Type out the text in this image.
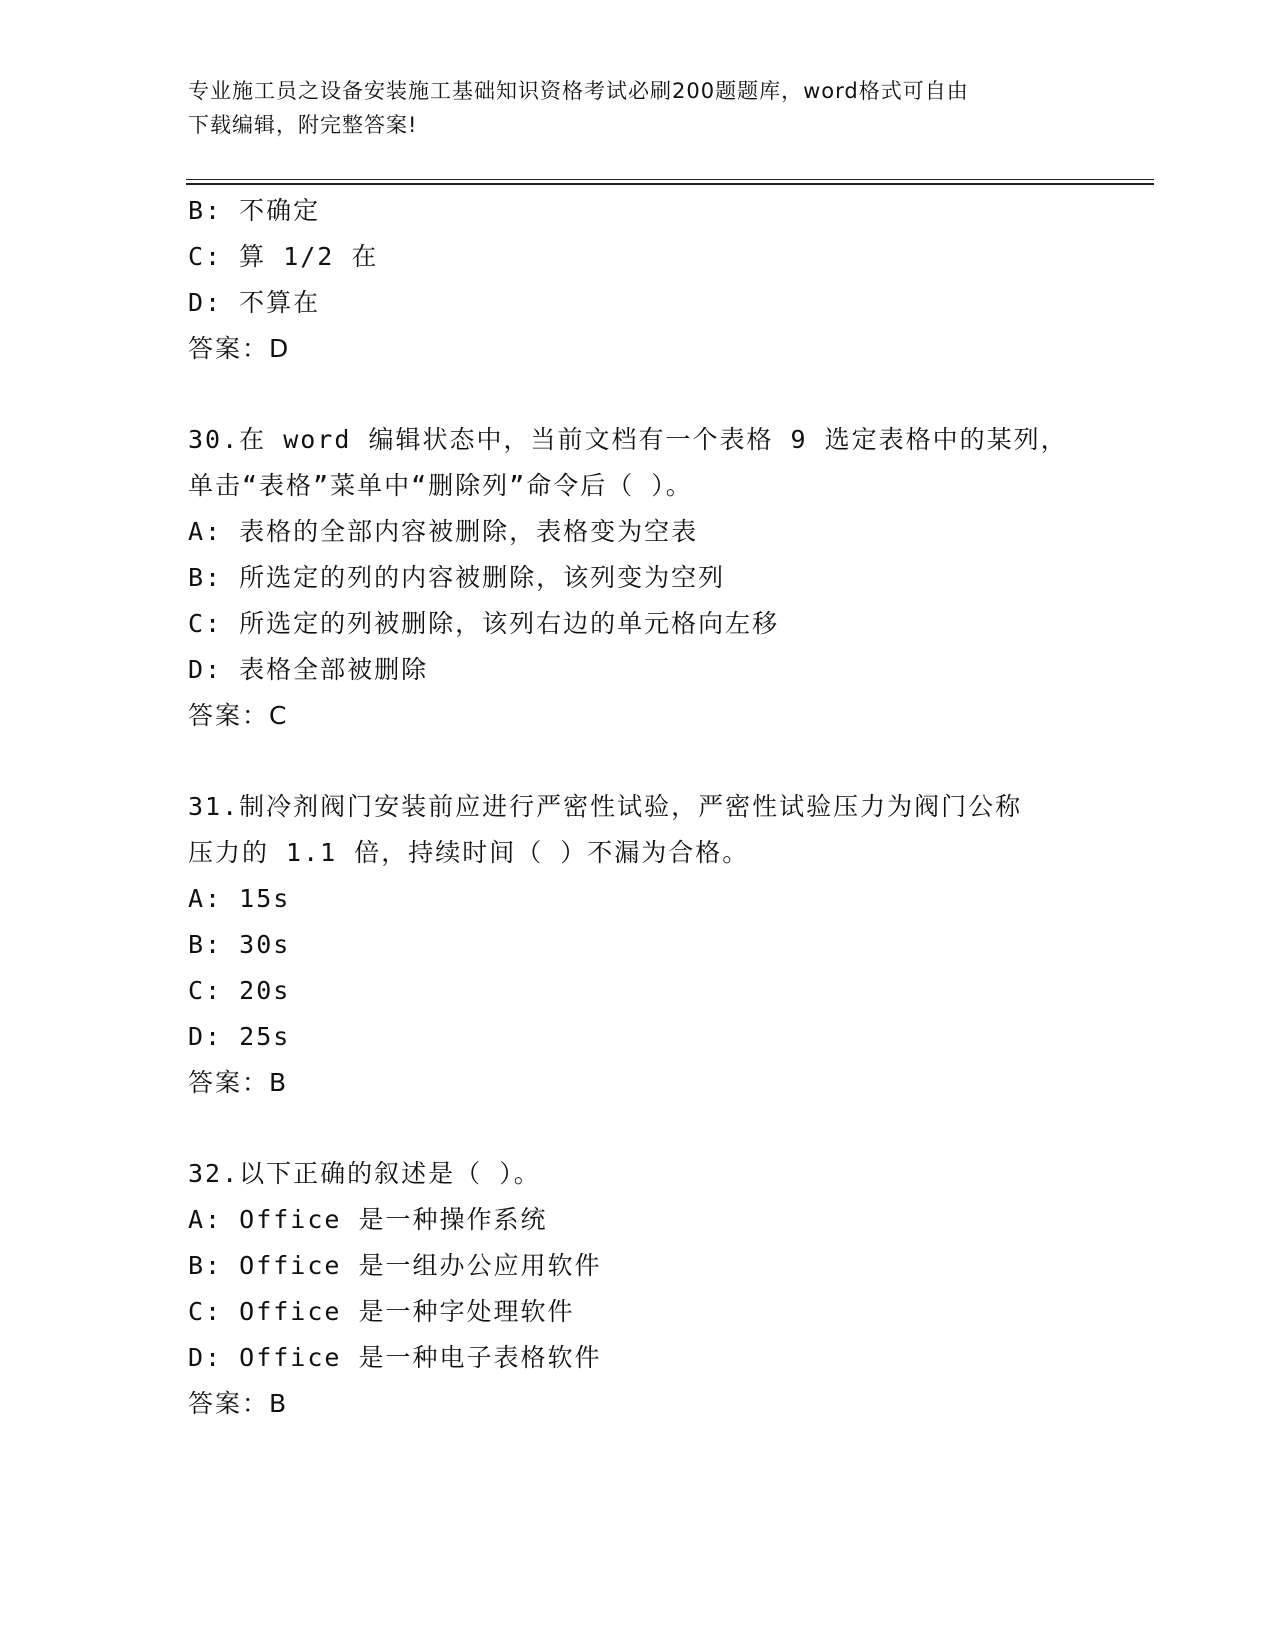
专业施工员之设备安装施工基础知识资格考试必刷200题题库，word格式可自由
下载编辑，附完整答案!
B: 不确定
C: 算 1/2 在
D: 不算在
答案：D
30.在 word 编辑状态中，当前文档有一个表格 9 选定表格中的某列，
单击“表格”菜单中“删除列”命令后（ ）。
A: 表格的全部内容被删除，表格变为空表
B: 所选定的列的内容被删除，该列变为空列
C: 所选定的列被删除，该列右边的单元格向左移
D: 表格全部被删除
答案：C
31.制冷剂阀门安装前应进行严密性试验，严密性试验压力为阀门公称
压力的 1.1 倍，持续时间（ ）不漏为合格。
A: 15s
B: 30s
C: 20s
D: 25s
答案：B
32.以下正确的叙述是（ ）。
A: Office 是一种操作系统
B: Office 是一组办公应用软件
C: Office 是一种字处理软件
D: Office 是一种电子表格软件
答案：B
